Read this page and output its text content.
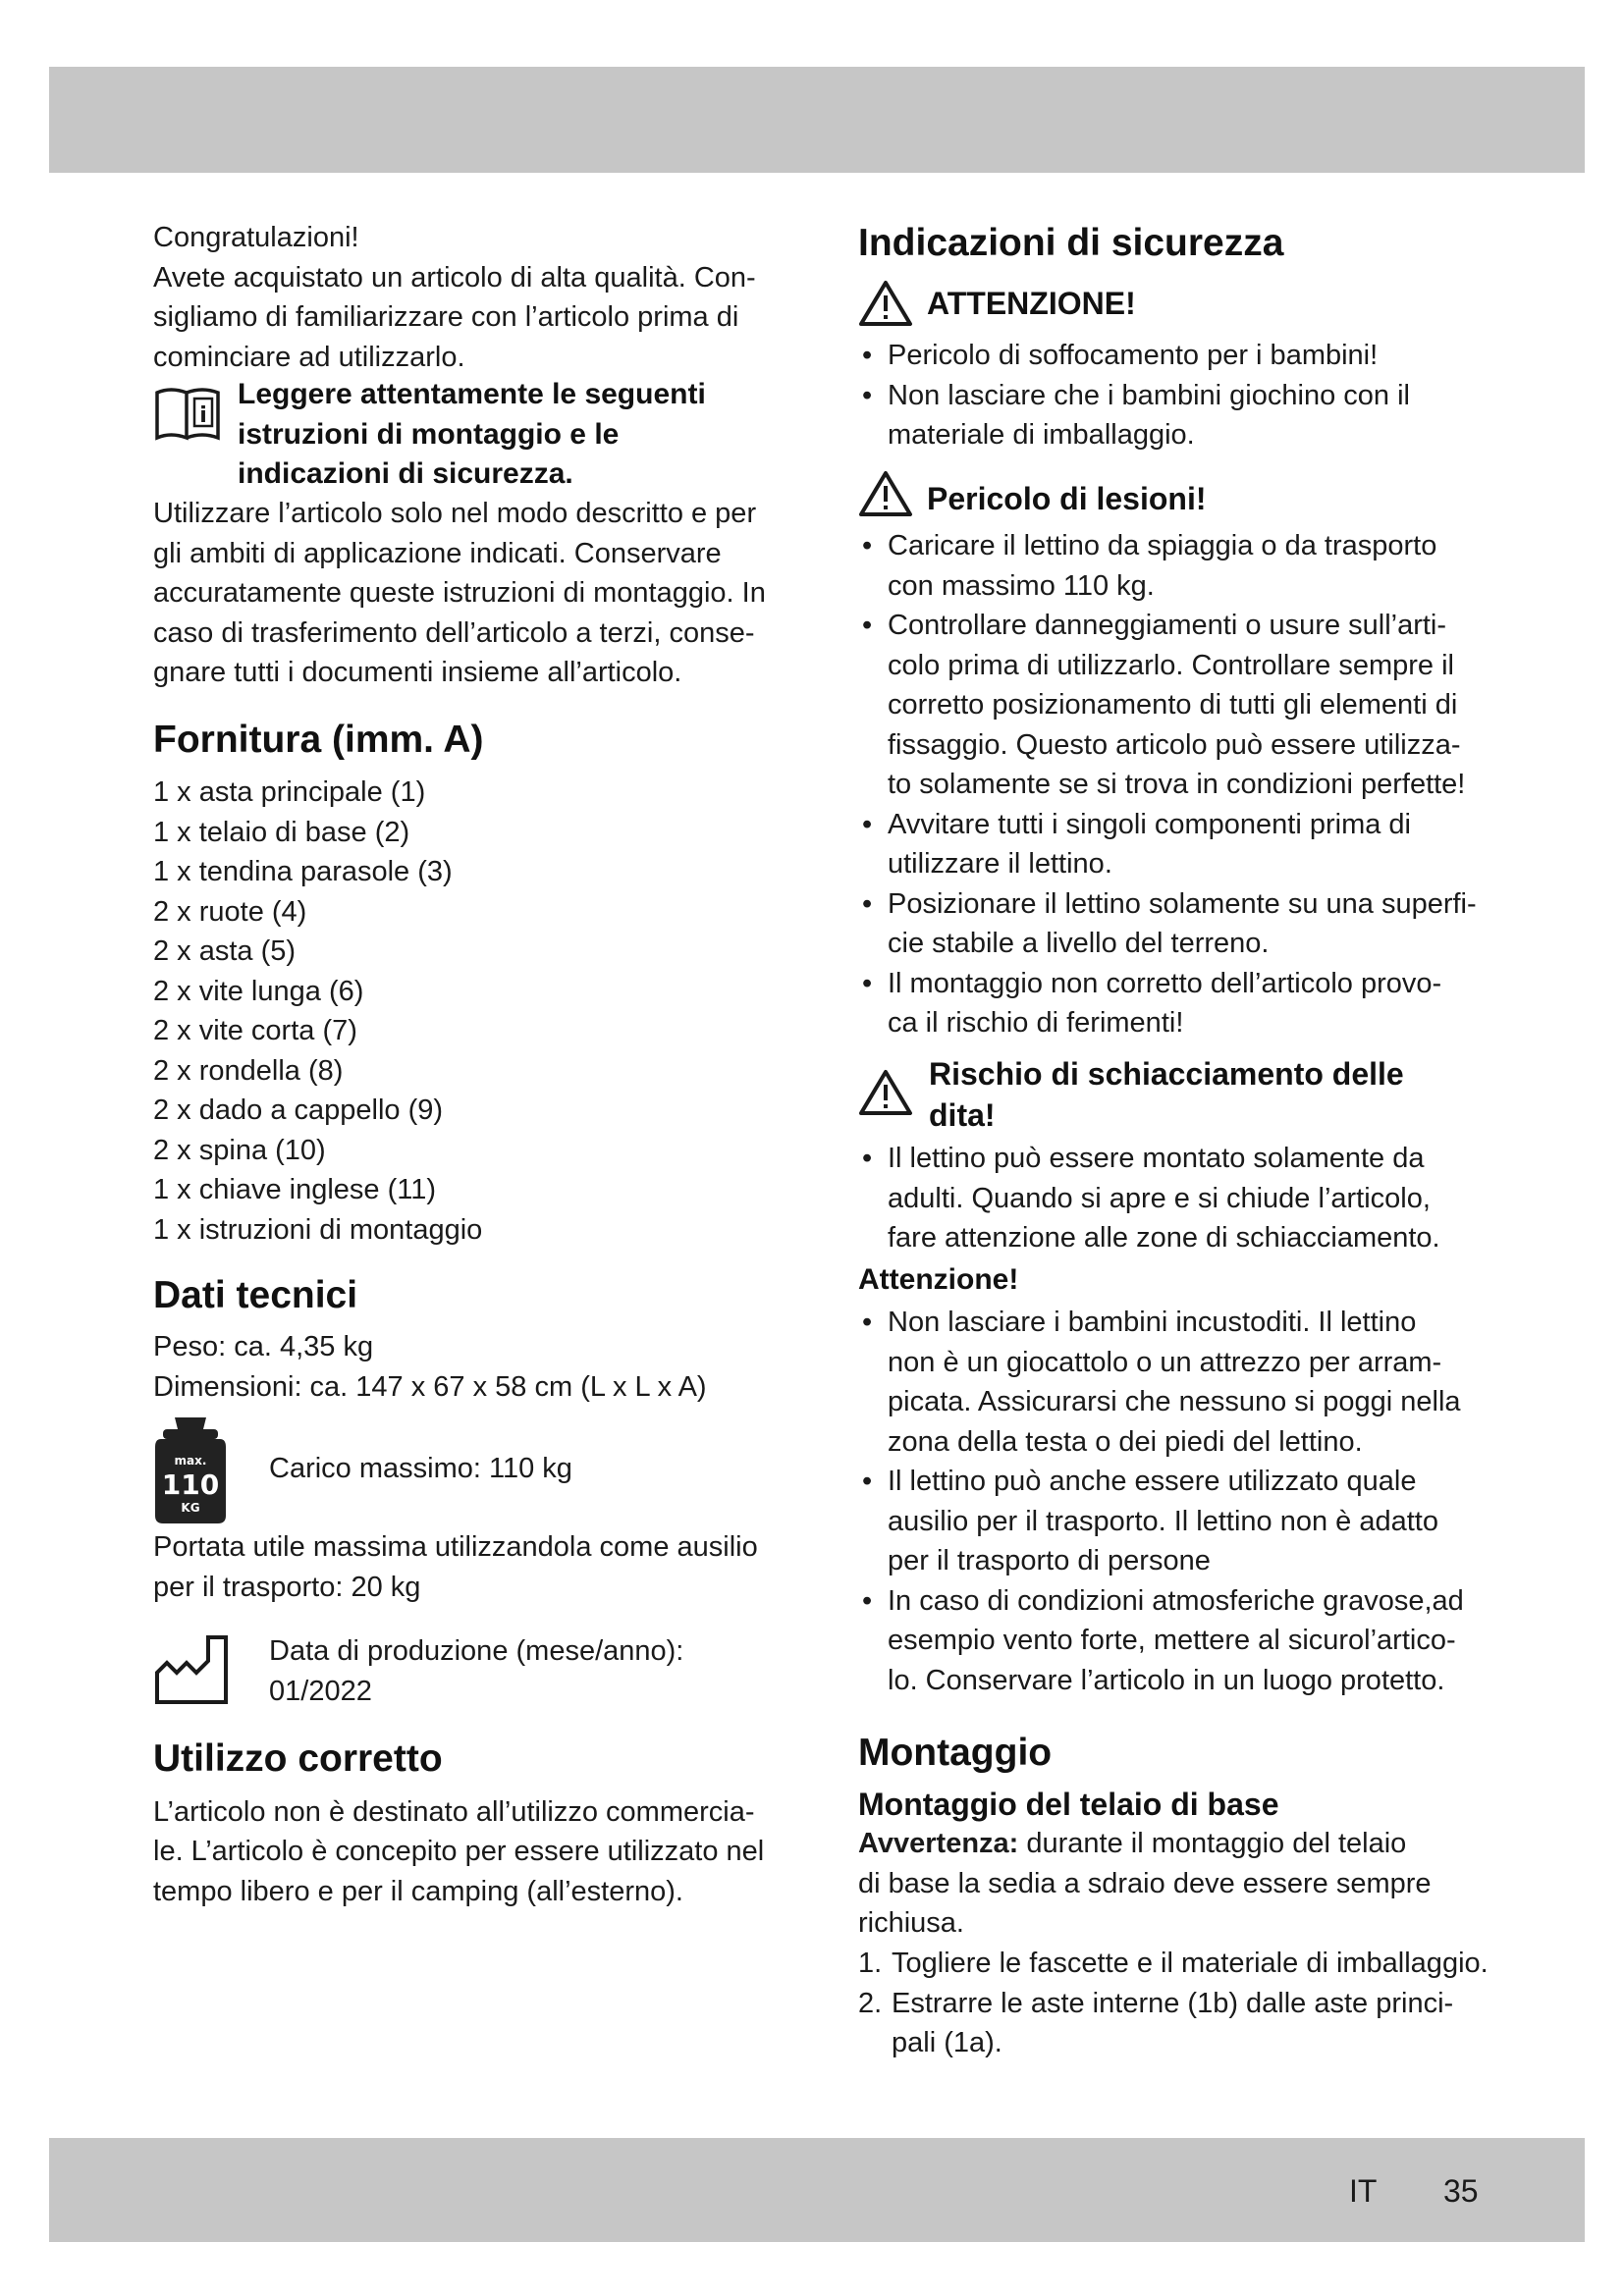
Congratulazioni!

Avete acquistato un articolo di alta qualità. Con-

sigliamo di familiarizzare con l’articolo prima di

cominciare ad utilizzarlo.

i

Leggere attentamente le seguenti

istruzioni di montaggio e le

indicazioni di sicurezza.

Utilizzare l’articolo solo nel modo descritto e per

gli ambiti di applicazione indicati. Conservare

accuratamente queste istruzioni di montaggio. In

caso di trasferimento dell’articolo a terzi, conse-

gnare tutti i documenti insieme all’articolo.

Fornitura (imm. A)

1 x asta principale (1)

1 x telaio di base (2)

1 x tendina parasole (3)

2 x ruote (4)

2 x asta (5)

2 x vite lunga (6)

2 x vite corta (7)

2 x rondella (8)

2 x dado a cappello (9)

2 x spina (10)

1 x chiave inglese (11)

1 x istruzioni di montaggio

Dati tecnici

Peso: ca. 4,35 kg

Dimensioni: ca. 147 x 67 x 58 cm (L x L x A)

max.
110
KG

Carico massimo: 110 kg

Portata utile massima utilizzandola come ausilio

per il trasporto: 20 kg

Data di produzione (mese/anno):

01/2022

Utilizzo corretto

L’articolo non è destinato all’utilizzo commercia-

le. L’articolo è concepito per essere utilizzato nel

tempo libero e per il camping (all’esterno).

Indicazioni di sicurezza
ATTENZIONE!
• Pericolo di soffocamento per i bambini!
• Non lasciare che i bambini giochino con il
materiale di imballaggio.
Pericolo di lesioni!
• Caricare il lettino da spiaggia o da trasporto
con massimo 110 kg.
• Controllare danneggiamenti o usure sull’arti-
colo prima di utilizzarlo. Controllare sempre il
corretto posizionamento di tutti gli elementi di
fissaggio. Questo articolo può essere utilizza-
to solamente se si trova in condizioni perfette!
• Avvitare tutti i singoli componenti prima di
utilizzare il lettino.
• Posizionare il lettino solamente su una superfi-
cie stabile a livello del terreno.
• Il montaggio non corretto dell’articolo provo-
ca il rischio di ferimenti!
Rischio di schiacciamento delle
dita!
• Il lettino può essere montato solamente da
adulti. Quando si apre e si chiude l’articolo,
fare attenzione alle zone di schiacciamento.
Attenzione!
• Non lasciare i bambini incustoditi. Il lettino
non è un giocattolo o un attrezzo per arram-
picata. Assicurarsi che nessuno si poggi nella
zona della testa o dei piedi del lettino.
• Il lettino può anche essere utilizzato quale
ausilio per il trasporto. Il lettino non è adatto
per il trasporto di persone
• In caso di condizioni atmosferiche gravose,ad
esempio vento forte, mettere al sicurol’artico-
lo. Conservare l’articolo in un luogo protetto.
Montaggio
Montaggio del telaio di base

Avvertenza: durante il montaggio del telaio

di base la sedia a sdraio deve essere sempre

richiusa.

1. Togliere le fascette e il materiale di imballaggio.
2. Estrarre le aste interne (1b) dalle aste princi-
pali (1a).
IT 35
